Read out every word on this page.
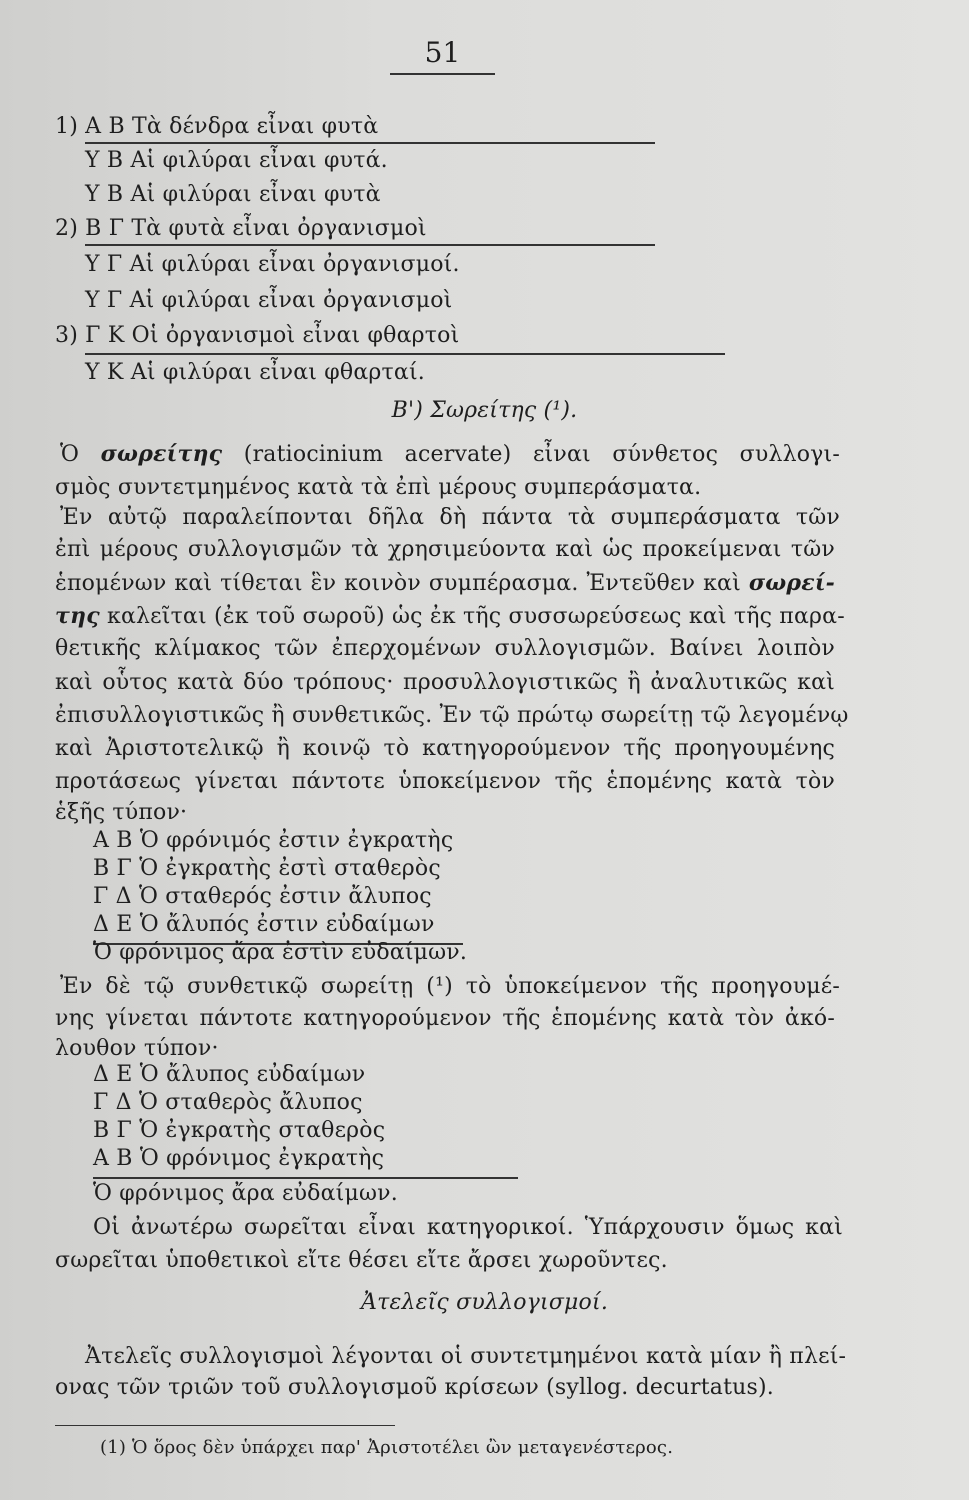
51
1) Α Β Τὰ δένδρα εἶναι φυτὰ
Υ Β Αἱ φιλύραι εἶναι φυτά.
Υ Β Αἱ φιλύραι εἶναι φυτὰ
2) Β Γ Τὰ φυτὰ εἶναι ὀργανισμοὶ
Υ Γ Αἱ φιλύραι εἶναι ὀργανισμοί.
Υ Γ Αἱ φιλύραι εἶναι ὀργανισμοὶ
3) Γ Κ Οἱ ὀργανισμοὶ εἶναι φθαρτοὶ
Υ Κ Αἱ φιλύραι εἶναι φθαρταί.
Β') Σωρείτης (¹).
Ὁ σωρείτης (ratiocinium acervate) εἶναι σύνθετος συλλογι-
σμὸς συντετμημένος κατὰ τὰ ἐπὶ μέρους συμπεράσματα.
Ἐν αὐτῷ παραλείπονται δῆλα δὴ πάντα τὰ συμπεράσματα τῶν
ἐπὶ μέρους συλλογισμῶν τὰ χρησιμεύοντα καὶ ὡς προκείμεναι τῶν
ἑπομένων καὶ τίθεται ἓν κοινὸν συμπέρασμα. Ἐντεῦθεν καὶ σωρεί-
της καλεῖται (ἐκ τοῦ σωροῦ) ὡς ἐκ τῆς συσσωρεύσεως καὶ τῆς παρα-
θετικῆς κλίμακος τῶν ἐπερχομένων συλλογισμῶν. Βαίνει λοιπὸν
καὶ οὗτος κατὰ δύο τρόπους· προσυλλογιστικῶς ἢ ἀναλυτικῶς καὶ
ἐπισυλλογιστικῶς ἢ συνθετικῶς. Ἐν τῷ πρώτῳ σωρείτῃ τῷ λεγομένῳ
καὶ Ἀριστοτελικῷ ἢ κοινῷ τὸ κατηγορούμενον τῆς προηγουμένης
προτάσεως γίνεται πάντοτε ὑποκείμενον τῆς ἑπομένης κατὰ τὸν
ἑξῆς τύπον·
Α Β Ὁ φρόνιμός ἐστιν ἐγκρατὴς
Β Γ Ὁ ἐγκρατὴς ἐστὶ σταθερὸς
Γ Δ Ὁ σταθερός ἐστιν ἄλυπος
Δ Ε Ὁ ἄλυπός ἐστιν εὐδαίμων
Ὁ φρόνιμος ἄρα ἐστὶν εὐδαίμων.
Ἐν δὲ τῷ συνθετικῷ σωρείτῃ (¹) τὸ ὑποκείμενον τῆς προηγουμέ-
νης γίνεται πάντοτε κατηγορούμενον τῆς ἑπομένης κατὰ τὸν ἀκό-
λουθον τύπον·
Δ Ε Ὁ ἄλυπος εὐδαίμων
Γ Δ Ὁ σταθερὸς ἄλυπος
Β Γ Ὁ ἐγκρατὴς σταθερὸς
Α Β Ὁ φρόνιμος ἐγκρατὴς
Ὁ φρόνιμος ἄρα εὐδαίμων.
Οἱ ἀνωτέρω σωρεῖται εἶναι κατηγορικοί. Ὑπάρχουσιν ὅμως καὶ
σωρεῖται ὑποθετικοὶ εἴτε θέσει εἴτε ἄρσει χωροῦντες.
Ἀτελεῖς συλλογισμοί.
Ἀτελεῖς συλλογισμοὶ λέγονται οἱ συντετμημένοι κατὰ μίαν ἢ πλεί-
ονας τῶν τριῶν τοῦ συλλογισμοῦ κρίσεων (syllog. decurtatus).
(1) Ὁ ὅρος δὲν ὑπάρχει παρ' Ἀριστοτέλει ὢν μεταγενέστερος.
